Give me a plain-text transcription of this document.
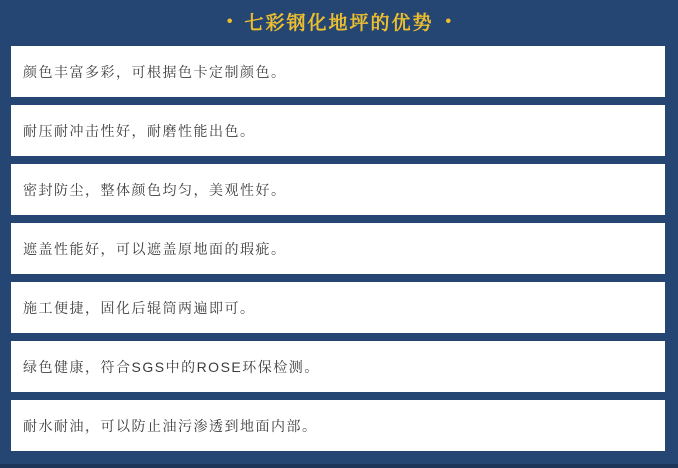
• 七彩钢化地坪的优势 •
颜色丰富多彩，可根据色卡定制颜色。
耐压耐冲击性好，耐磨性能出色。
密封防尘，整体颜色均匀，美观性好。
遮盖性能好，可以遮盖原地面的瑕疵。
施工便捷，固化后辊筒两遍即可。
绿色健康，符合SGS中的ROSE环保检测。
耐水耐油，可以防止油污渗透到地面内部。
